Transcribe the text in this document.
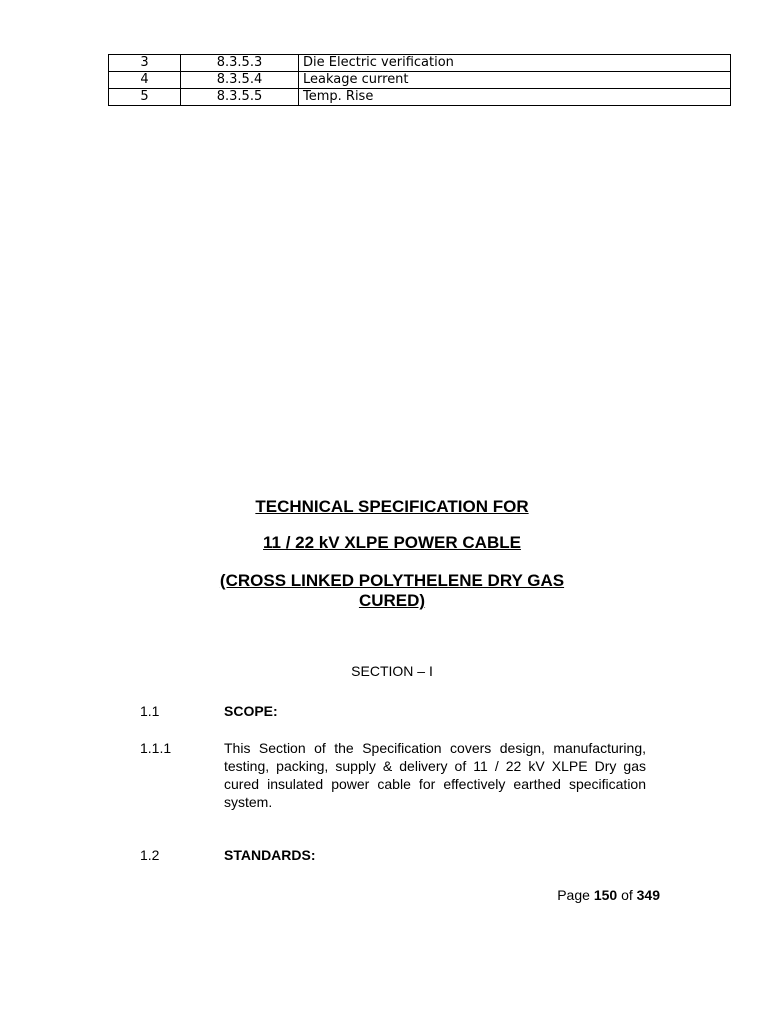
3	8.3.5.3	Die Electric verification
4	8.3.5.4	Leakage current
5	8.3.5.5	Temp. Rise
TECHNICAL SPECIFICATION FOR
11 / 22 kV XLPE POWER CABLE
(CROSS LINKED POLYTHELENE DRY GAS CURED)
SECTION – I
1.1	SCOPE:
1.1.1	This Section of the Specification covers design, manufacturing, testing, packing, supply & delivery of 11 / 22 kV XLPE Dry gas cured insulated power cable for effectively earthed specification system.
1.2	STANDARDS:
Page 150 of 349
